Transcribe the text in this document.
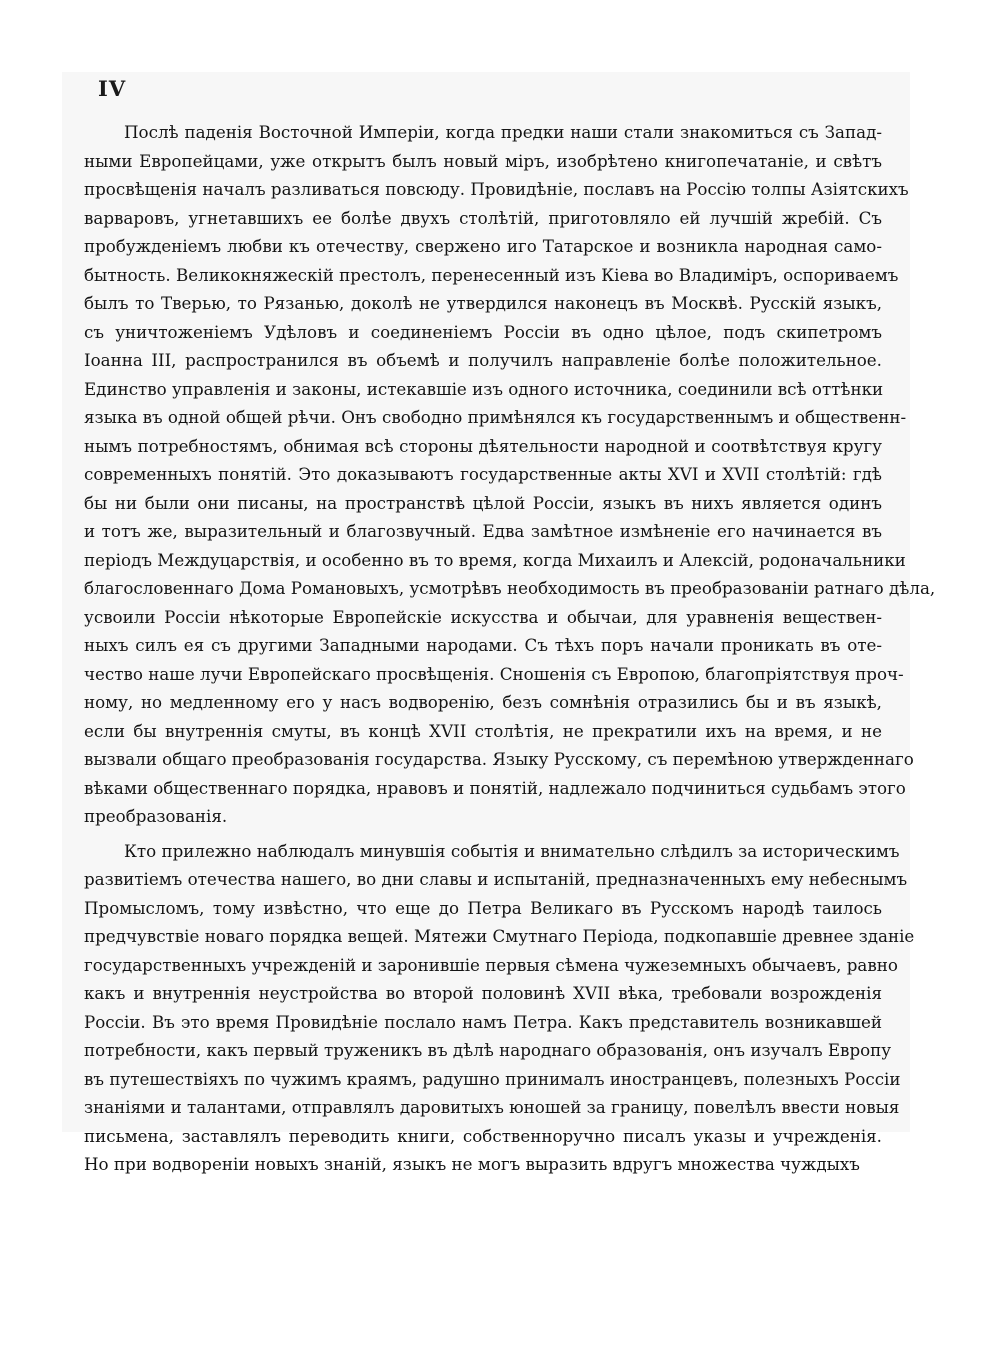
IV
Послѣ паденія Восточной Имперіи, когда предки наши стали знакомиться съ Запад-
ными Европейцами, уже открытъ былъ новый міръ, изобрѣтено книгопечатаніе, и свѣтъ
просвѣщенія началъ разливаться повсюду. Провидѣніе, пославъ на Россію толпы Азіятскихъ
варваровъ, угнетавшихъ ее болѣе двухъ столѣтій, приготовляло ей лучшій жребій. Съ
пробужденіемъ любви къ отечеству, свержено иго Татарское и возникла народная само-
бытность. Великокняжескій престолъ, перенесенный изъ Кіева во Владиміръ, оспориваемъ
былъ то Тверью, то Рязанью, доколѣ не утвердился наконецъ въ Москвѣ. Русскій языкъ,
съ уничтоженіемъ Удѣловъ и соединеніемъ Россіи въ одно цѣлое, подъ скипетромъ
Іоанна III, распространился въ объемѣ и получилъ направленіе болѣе положительное.
Единство управленія и законы, истекавшіе изъ одного источника, соединили всѣ оттѣнки
языка въ одной общей рѣчи. Онъ свободно примѣнялся къ государственнымъ и общественн-
нымъ потребностямъ, обнимая всѣ стороны дѣятельности народной и соотвѣтствуя кругу
современныхъ понятій. Это доказываютъ государственные акты XVI и XVII столѣтій: гдѣ
бы ни были они писаны, на пространствѣ цѣлой Россіи, языкъ въ нихъ является одинъ
и тотъ же, выразительный и благозвучный. Едва замѣтное измѣненіе его начинается въ
періодъ Междуцарствія, и особенно въ то время, когда Михаилъ и Алексій, родоначальники
благословеннаго Дома Романовыхъ, усмотрѣвъ необходимость въ преобразованіи ратнаго дѣла,
усвоили Россіи нѣкоторые Европейскіе искусства и обычаи, для уравненія веществен-
ныхъ силъ ея съ другими Западными народами. Съ тѣхъ поръ начали проникать въ оте-
чество наше лучи Европейскаго просвѣщенія. Сношенія съ Европою, благопріятствуя проч-
ному, но медленному его у насъ водворенію, безъ сомнѣнія отразились бы и въ языкѣ,
если бы внутреннія смуты, въ концѣ XVII столѣтія, не прекратили ихъ на время, и не
вызвали общаго преобразованія государства. Языку Русскому, съ перемѣною утвержденнаго
вѣками общественнаго порядка, нравовъ и понятій, надлежало подчиниться судьбамъ этого
преобразованія.
Кто прилежно наблюдалъ минувшія событія и внимательно слѣдилъ за историческимъ
развитіемъ отечества нашего, во дни славы и испытаній, предназначенныхъ ему небеснымъ
Промысломъ, тому извѣстно, что еще до Петра Великаго въ Русскомъ народѣ таилось
предчувствіе новаго порядка вещей. Мятежи Смутнаго Періода, подкопавшіе древнее зданіе
государственныхъ учрежденій и заронившіе первыя сѣмена чужеземныхъ обычаевъ, равно
какъ и внутреннія неустройства во второй половинѣ XVII вѣка, требовали возрожденія
Россіи. Въ это время Провидѣніе послало намъ Петра. Какъ представитель возникавшей
потребности, какъ первый труженикъ въ дѣлѣ народнаго образованія, онъ изучалъ Европу
въ путешествіяхъ по чужимъ краямъ, радушно принималъ иностранцевъ, полезныхъ Россіи
знаніями и талантами, отправлялъ даровитыхъ юношей за границу, повелѣлъ ввести новыя
письмена, заставлялъ переводить книги, собственноручно писалъ указы и учрежденія.
Но при водвореніи новыхъ знаній, языкъ не могъ выразить вдругъ множества чуждыхъ
